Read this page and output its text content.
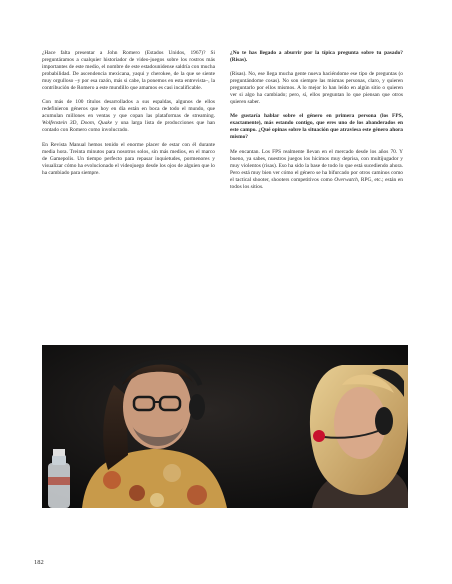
¿Hace falta presentar a John Romero (Estados Unidos, 1967)? Si preguntáramos a cualquier historiador de video-juegos sobre los rostros más importantes de este medio, el nombre de este estadounidense saldría con mucha probabilidad. De ascendencia mexicana, yaqui y cherokee, de la que se siente muy orgulloso –y por esa razón, más si cabe, la ponemos en esta entrevista–, la contribución de Romero a este mundillo que amamos es casi incalificable.

Con más de 100 títulos desarrollados a sus espaldas, algunos de ellos redefinieron géneros que hoy en día están en boca de todo el mundo, que acumulan millones en ventas y que copan las plataformas de streaming. Wolfenstein 3D, Doom, Quake y una larga lista de producciones que han contado con Romero como involucrado.

En Revista Manual hemos tenido el enorme placer de estar con él durante media hora. Treinta minutos para nosotros solos, sin más medios, en el marco de Gamepolis. Un tiempo perfecto para repasar inquietudes, pormenores y visualizar cómo ha evolucionado el videojuego desde los ojos de alguien que lo ha cambiado para siempre.

¿No te has llegado a aburrir por la típica pregunta sobre tu pasado? (Risas).

(Risas). No, ese llega mucha gente nueva haciéndome ese tipo de preguntas (o preguntándome cosas). No son siempre las mismas personas, claro, y quieren preguntarlo por ellos mismos. A lo mejor lo han leído en algún sitio o quieren ver si algo ha cambiado; pero, sí, ellos preguntan lo que piensan que otros quieren saber.

Me gustaría hablar sobre el género en primera persona (los FPS, exactamente), más estando contigo, que eres uno de los abanderados en este campo. ¿Qué opinas sobre la situación que atraviesa este género ahora mismo?

Me encantan. Los FPS realmente llevan en el mercado desde los años 70. Y bueno, ya sabes, nuestros juegos los hicimos muy deprisa, con multijugador y muy violentos (risas). Eso ha sido la base de todo lo que está sucediendo ahora. Pero está muy bien ver cómo el género se ha bifurcado por otros caminos como el tactical shooter, shooters competitivos como Overwatch, RPG, etc.; están en todos los sitios.

182
